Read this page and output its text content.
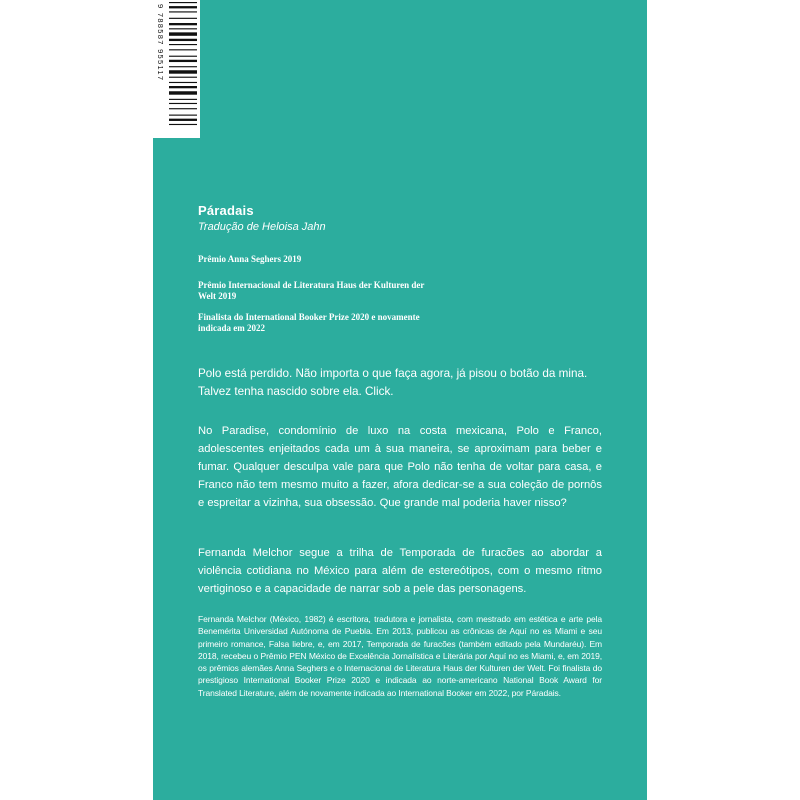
9 788587 955117
Páradais
Tradução de Heloisa Jahn
Prêmio Anna Seghers 2019
Prêmio Internacional de Literatura Haus der Kulturen der Welt 2019
Finalista do International Booker Prize 2020 e novamente indicada em 2022
Polo está perdido. Não importa o que faça agora, já pisou o botão da mina. Talvez tenha nascido sobre ela. Click.
No Paradise, condomínio de luxo na costa mexicana, Polo e Franco, adolescentes enjeitados cada um à sua maneira, se aproximam para beber e fumar. Qualquer desculpa vale para que Polo não tenha de voltar para casa, e Franco não tem mesmo muito a fazer, afora dedicar-se a sua coleção de pornôs e espreitar a vizinha, sua obsessão. Que grande mal poderia haver nisso?
Fernanda Melchor segue a trilha de Temporada de furacões ao abordar a violência cotidiana no México para além de estereótipos, com o mesmo ritmo vertiginoso e a capacidade de narrar sob a pele das personagens.
Fernanda Melchor (México, 1982) é escritora, tradutora e jornalista, com mestrado em estética e arte pela Benemérita Universidad Autónoma de Puebla. Em 2013, publicou as crônicas de Aquí no es Miami e seu primeiro romance, Falsa liebre, e, em 2017, Temporada de furacões (também editado pela Mundaréu). Em 2018, recebeu o Prêmio PEN México de Excelência Jornalística e Literária por Aquí no es Miami, e, em 2019, os prêmios alemães Anna Seghers e o Internacional de Literatura Haus der Kulturen der Welt. Foi finalista do prestigioso International Booker Prize 2020 e indicada ao norte-americano National Book Award for Translated Literature, além de novamente indicada ao International Booker em 2022, por Páradais.
